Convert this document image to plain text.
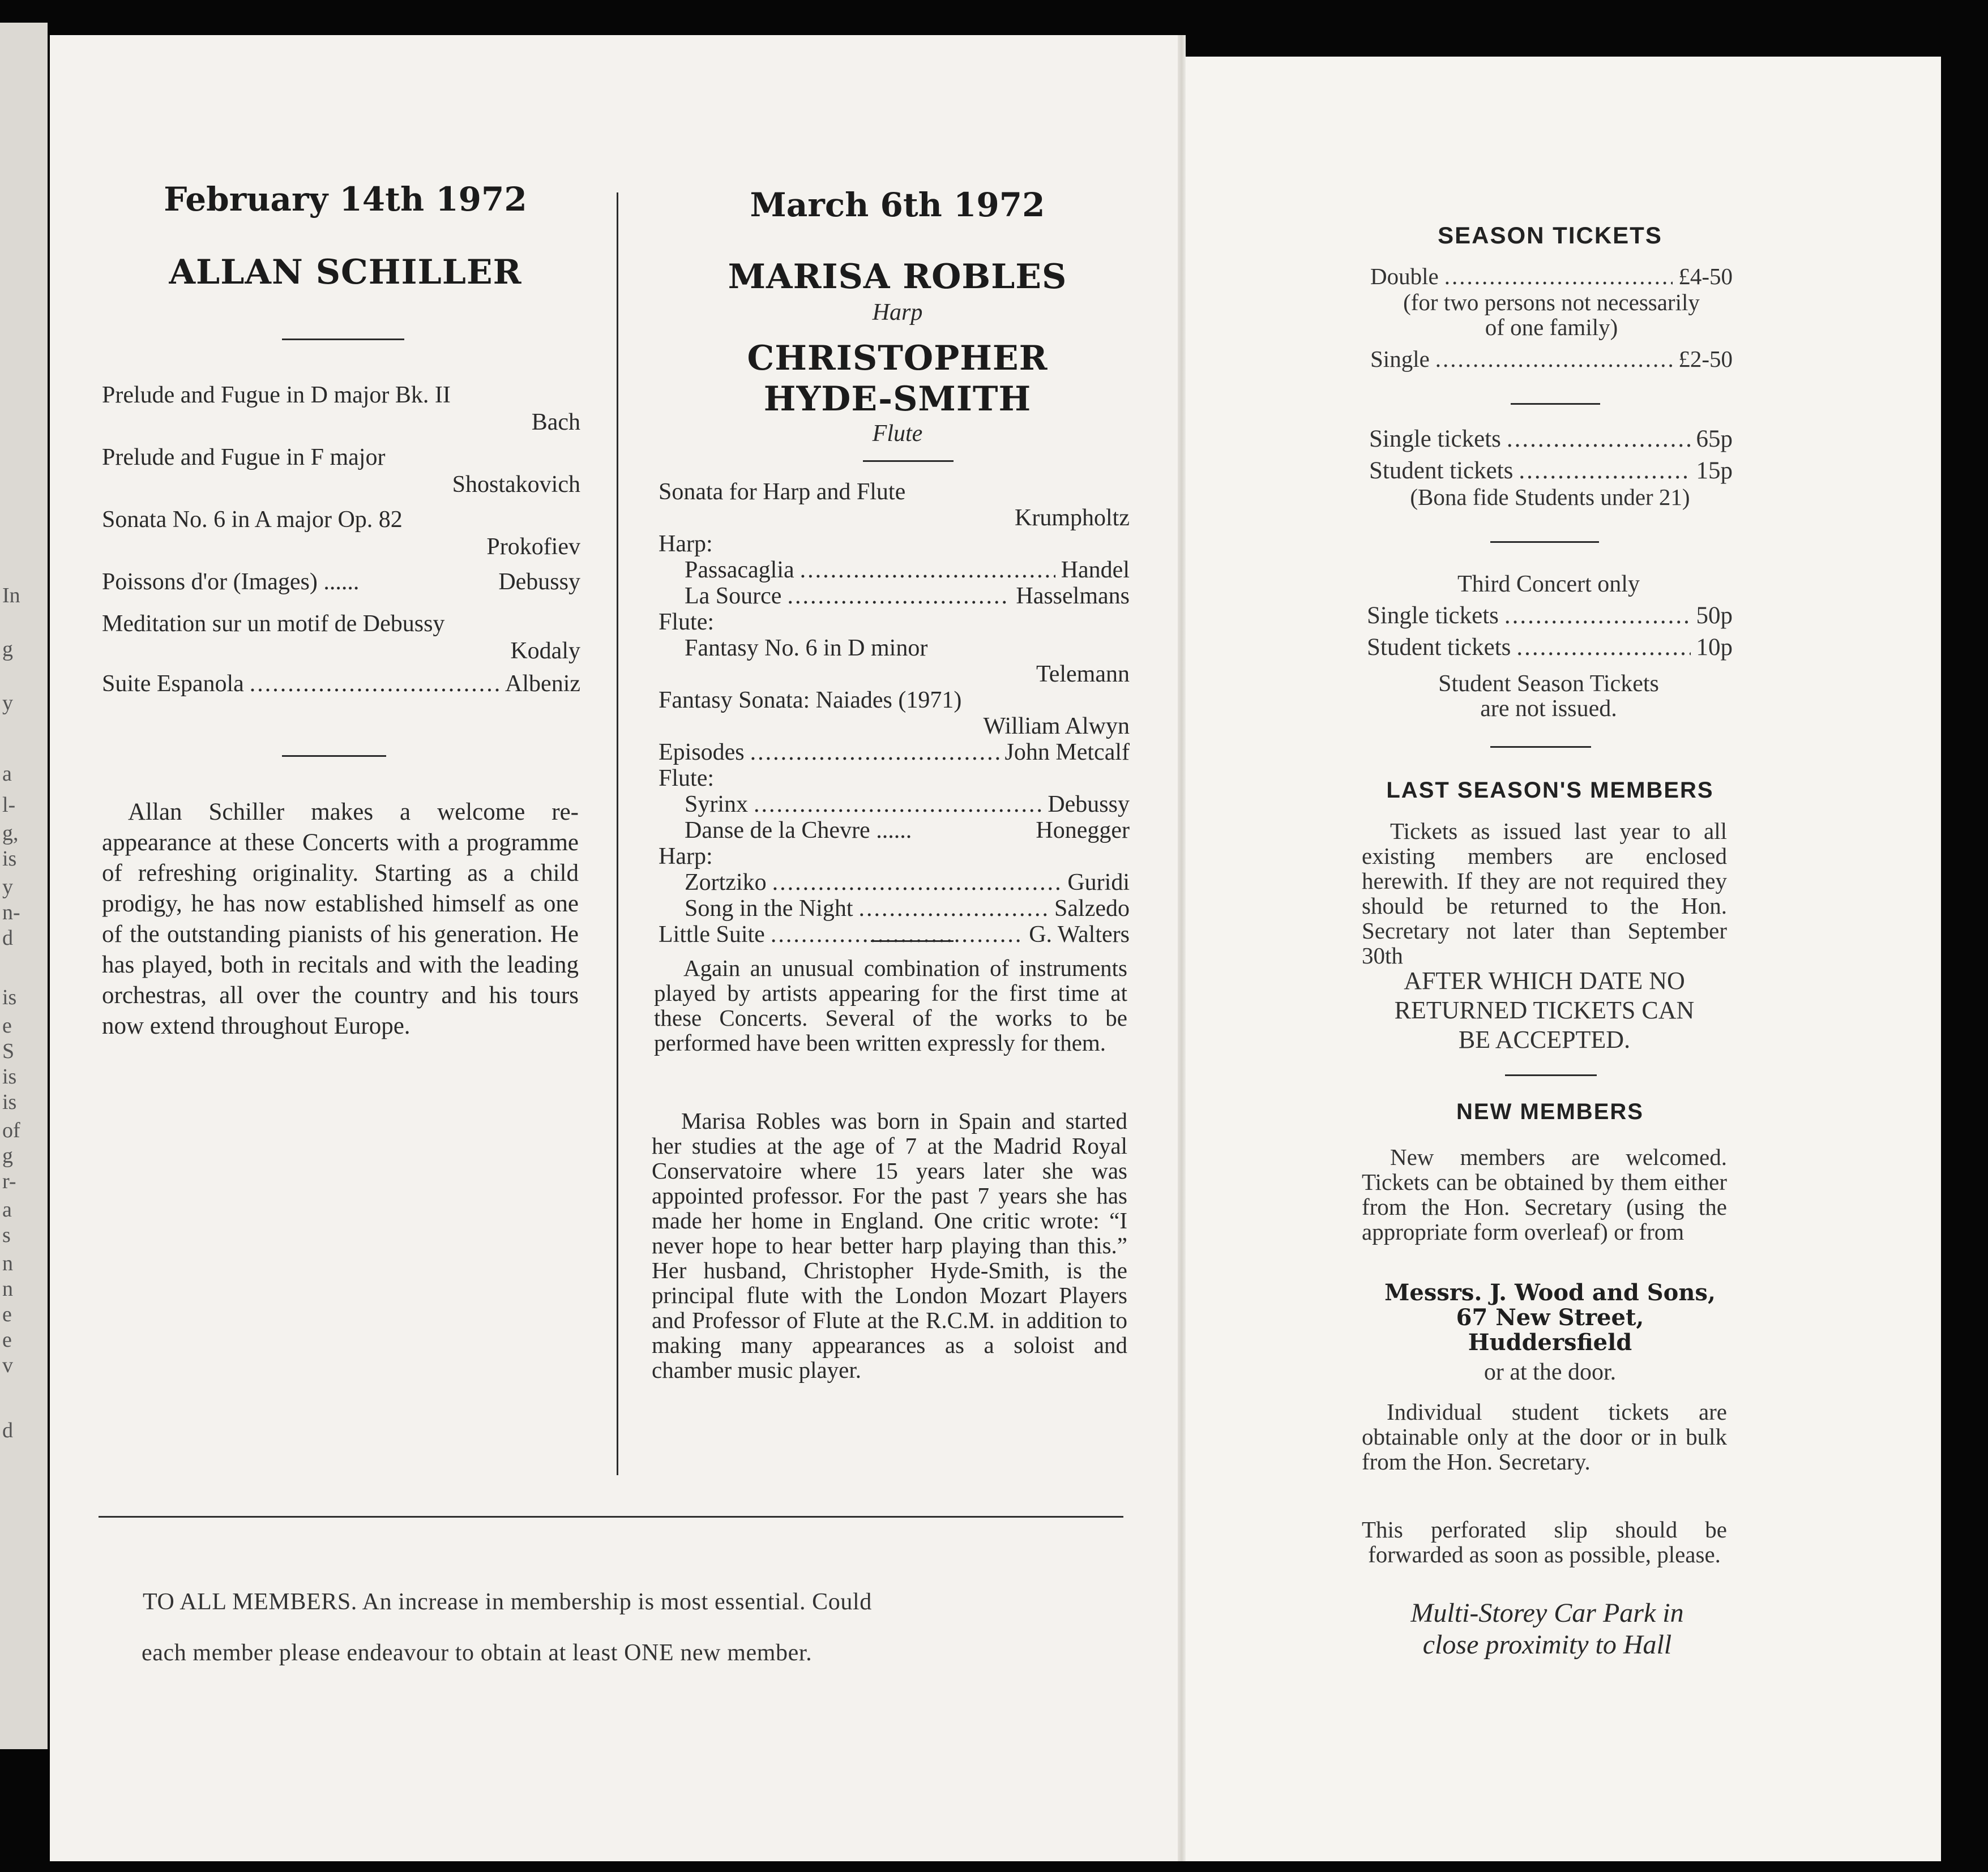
In
g
y
a
l-
g,
is
y
n-
d
is
e
S
is
is
of
g
r-
a
s
n
n
e
e
v
d
February 14th 1972
ALLAN SCHILLER
Prelude and Fugue in D major Bk. II
Bach
Prelude and Fugue in F major
Shostakovich
Sonata No. 6 in A major Op. 82
Prokofiev
Poissons d'or (Images) ......	Debussy
Meditation sur un motif de Debussy
Kodaly
Suite Espanola .....	Albeniz
Allan Schiller makes a welcome re-appearance at these Concerts with a programme of refreshing originality. Starting as a child prodigy, he has now established himself as one of the outstanding pianists of his generation. He has played, both in recitals and with the leading orchestras, all over the country and his tours now extend throughout Europe.
March 6th 1972
MARISA ROBLES
Harp
CHRISTOPHER
HYDE-SMITH
Flute
Sonata for Harp and Flute
Krumpholtz
Harp:
Passacaglia .....	Handel
La Source .....	Hasselmans
Flute:
Fantasy No. 6 in D minor
Telemann
Fantasy Sonata: Naiades (1971)
William Alwyn
Episodes .....	John Metcalf
Flute:
Syrinx .....	Debussy
Danse de la Chevre ......	Honegger
Harp:
Zortziko .....	Guridi
Song in the Night .....	Salzedo
Little Suite .....	G. Walters
Again an unusual combination of instruments played by artists appearing for the first time at these Concerts. Several of the works to be performed have been written expressly for them.
Marisa Robles was born in Spain and started her studies at the age of 7 at the Madrid Royal Conservatoire where 15 years later she was appointed professor. For the past 7 years she has made her home in England. One critic wrote: “I never hope to hear better harp playing than this.” Her husband, Christopher Hyde-Smith, is the principal flute with the London Mozart Players and Professor of Flute at the R.C.M. in addition to making many appearances as a soloist and chamber music player.
TO ALL MEMBERS. An increase in membership is most essential. Could
each member please endeavour to obtain at least ONE new member.
SEASON TICKETS
Double .....	£4-50
(for two persons not necessarily
of one family)
Single .....	£2-50
Single tickets .....	65p
Student tickets .....	15p
(Bona fide Students under 21)
Third Concert only
Single tickets .....	50p
Student tickets .....	10p
Student Season Tickets
are not issued.
LAST SEASON'S MEMBERS
Tickets as issued last year to all existing members are enclosed herewith. If they are not required they should be returned to the Hon. Secretary not later than September 30th
AFTER WHICH DATE NO
RETURNED TICKETS CAN
BE ACCEPTED.
NEW MEMBERS
New members are welcomed. Tickets can be obtained by them either from the Hon. Secretary (using the appropriate form overleaf) or from
Messrs. J. Wood and Sons,
67 New Street,
Huddersfield
or at the door.
Individual student tickets are obtainable only at the door or in bulk from the Hon. Secretary.
This perforated slip should be forwarded as soon as possible, please.
Multi-Storey Car Park in
close proximity to Hall
